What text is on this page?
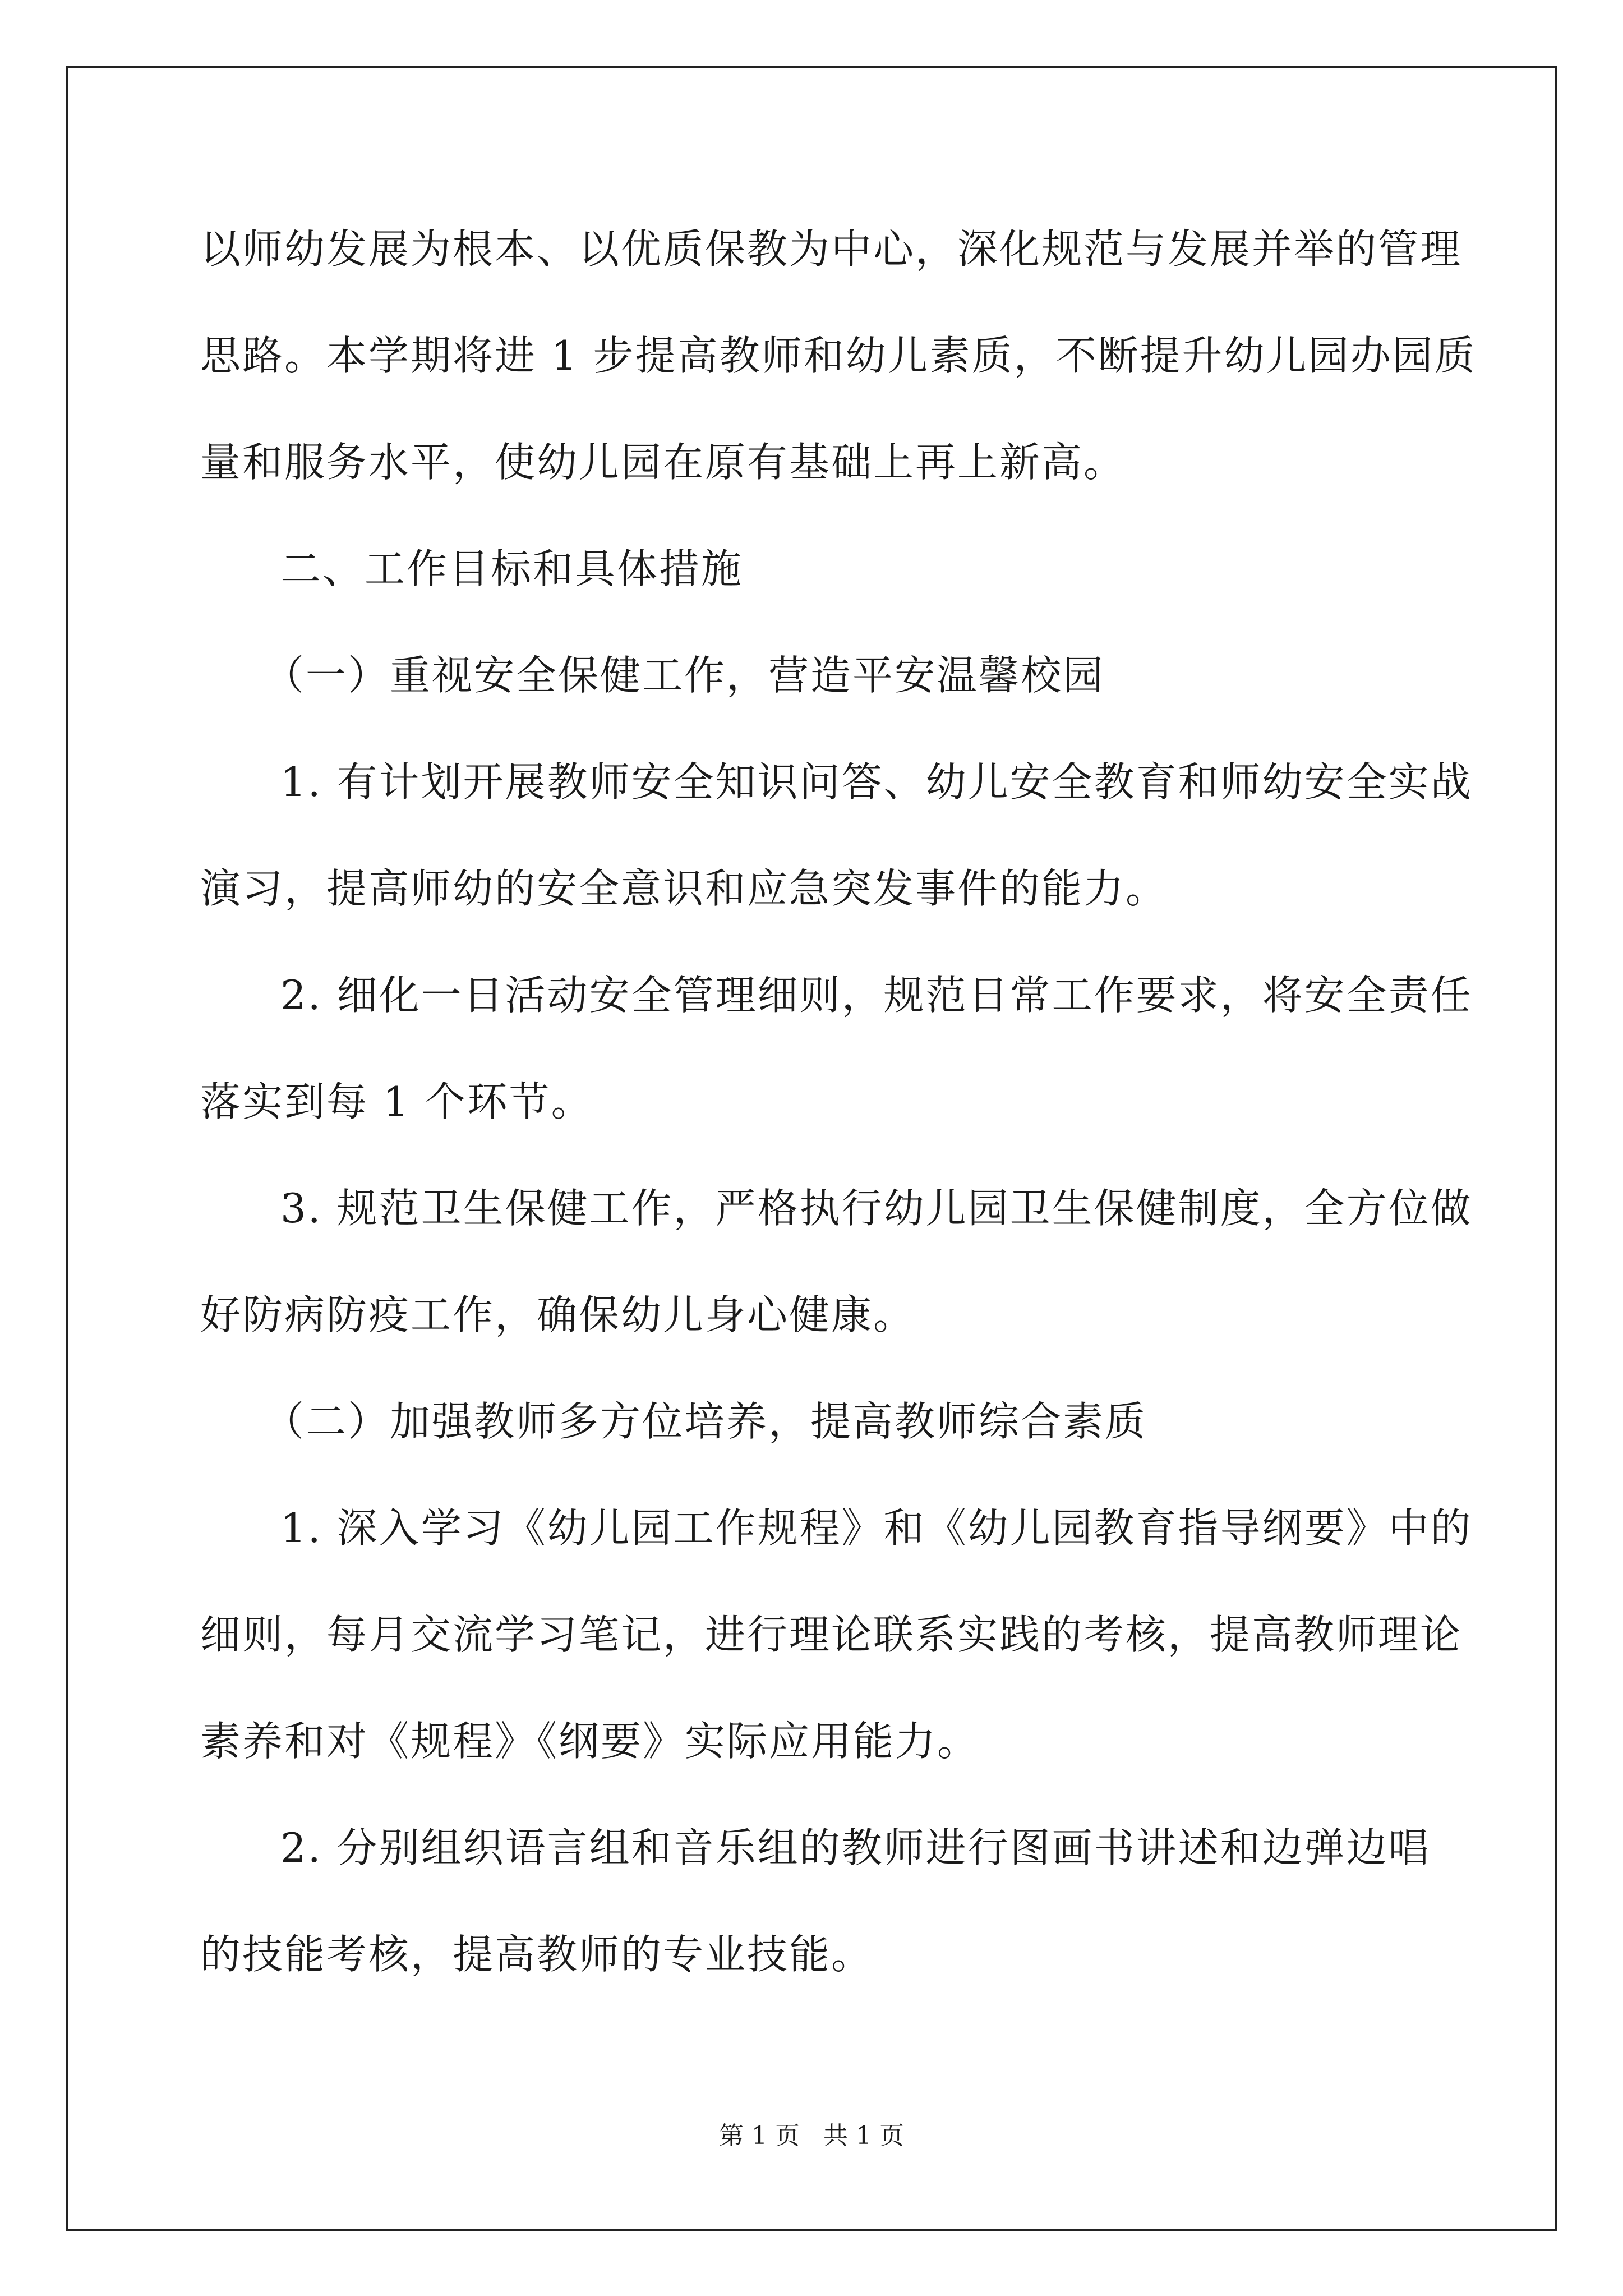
以师幼发展为根本、以优质保教为中心，深化规范与发展并举的管理
思路。本学期将进 1 步提高教师和幼儿素质，不断提升幼儿园办园质
量和服务水平，使幼儿园在原有基础上再上新高。
二、工作目标和具体措施
（一）重视安全保健工作，营造平安温馨校园
1. 有计划开展教师安全知识问答、幼儿安全教育和师幼安全实战
演习，提高师幼的安全意识和应急突发事件的能力。
2. 细化一日活动安全管理细则，规范日常工作要求，将安全责任
落实到每 1 个环节。
3. 规范卫生保健工作，严格执行幼儿园卫生保健制度，全方位做
好防病防疫工作，确保幼儿身心健康。
（二）加强教师多方位培养，提高教师综合素质
1. 深入学习《幼儿园工作规程》和《幼儿园教育指导纲要》中的
细则，每月交流学习笔记，进行理论联系实践的考核，提高教师理论
素养和对《规程》《纲要》实际应用能力。
2. 分别组织语言组和音乐组的教师进行图画书讲述和边弹边唱
的技能考核，提高教师的专业技能。
第 1 页   共 1 页
